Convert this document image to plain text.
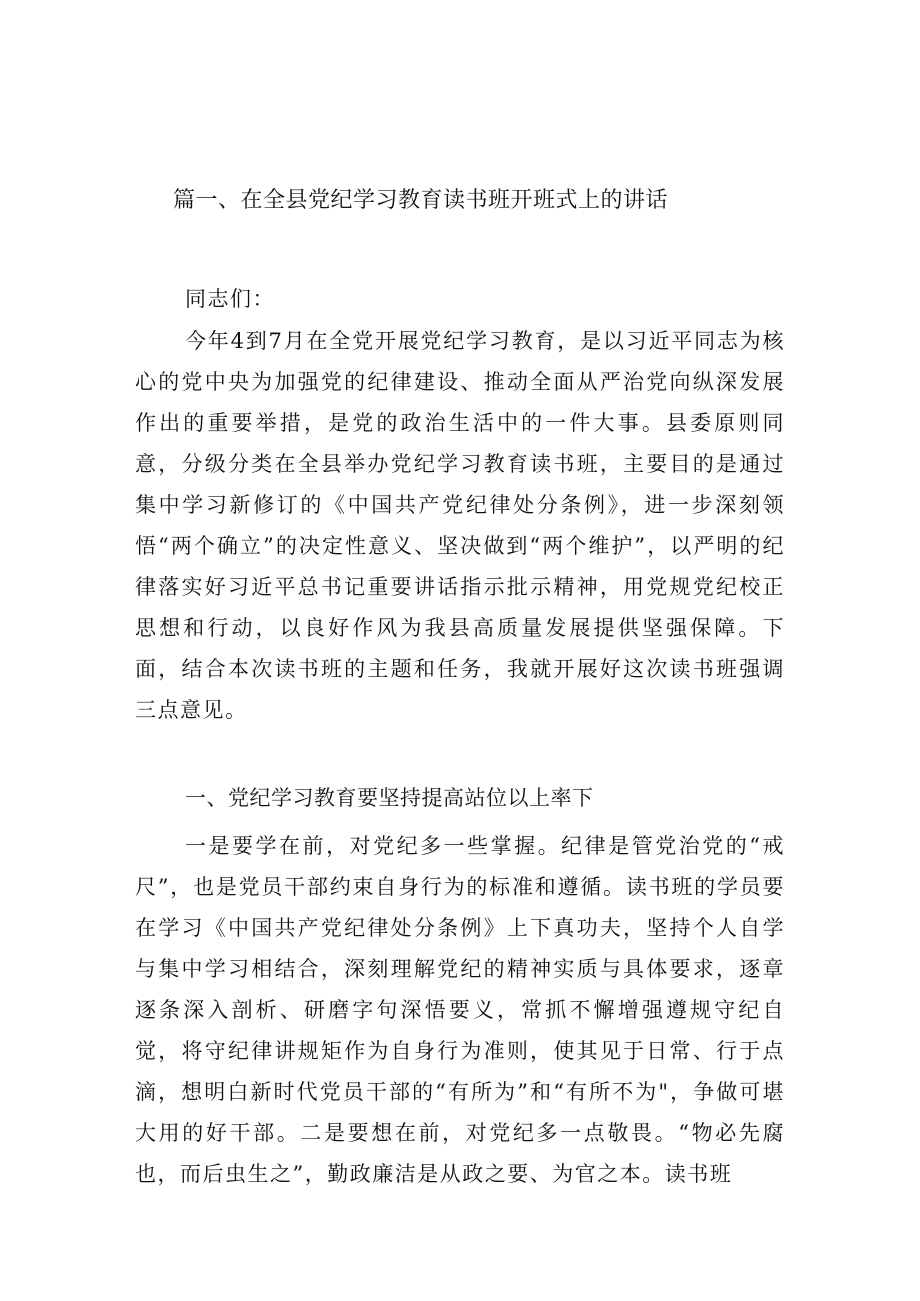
篇一、在全县党纪学习教育读书班开班式上的讲话

同志们：

今年4到7月在全党开展党纪学习教育，是以习近平同志为核心的党中央为加强党的纪律建设、推动全面从严治党向纵深发展作出的重要举措，是党的政治生活中的一件大事。县委原则同意，分级分类在全县举办党纪学习教育读书班，主要目的是通过集中学习新修订的《中国共产党纪律处分条例》，进一步深刻领悟“两个确立”的决定性意义、坚决做到“两个维护”，以严明的纪律落实好习近平总书记重要讲话指示批示精神，用党规党纪校正思想和行动，以良好作风为我县高质量发展提供坚强保障。下面，结合本次读书班的主题和任务，我就开展好这次读书班强调三点意见。

一、党纪学习教育要坚持提高站位以上率下

一是要学在前，对党纪多一些掌握。纪律是管党治党的“戒尺”，也是党员干部约束自身行为的标准和遵循。读书班的学员要在学习《中国共产党纪律处分条例》上下真功夫，坚持个人自学与集中学习相结合，深刻理解党纪的精神实质与具体要求，逐章逐条深入剖析、研磨字句深悟要义，常抓不懈增强遵规守纪自觉，将守纪律讲规矩作为自身行为准则，使其见于日常、行于点滴，想明白新时代党员干部的“有所为”和“有所不为"，争做可堪大用的好干部。二是要想在前，对党纪多一点敬畏。“物必先腐也，而后虫生之”，勤政廉洁是从政之要、为官之本。读书班
